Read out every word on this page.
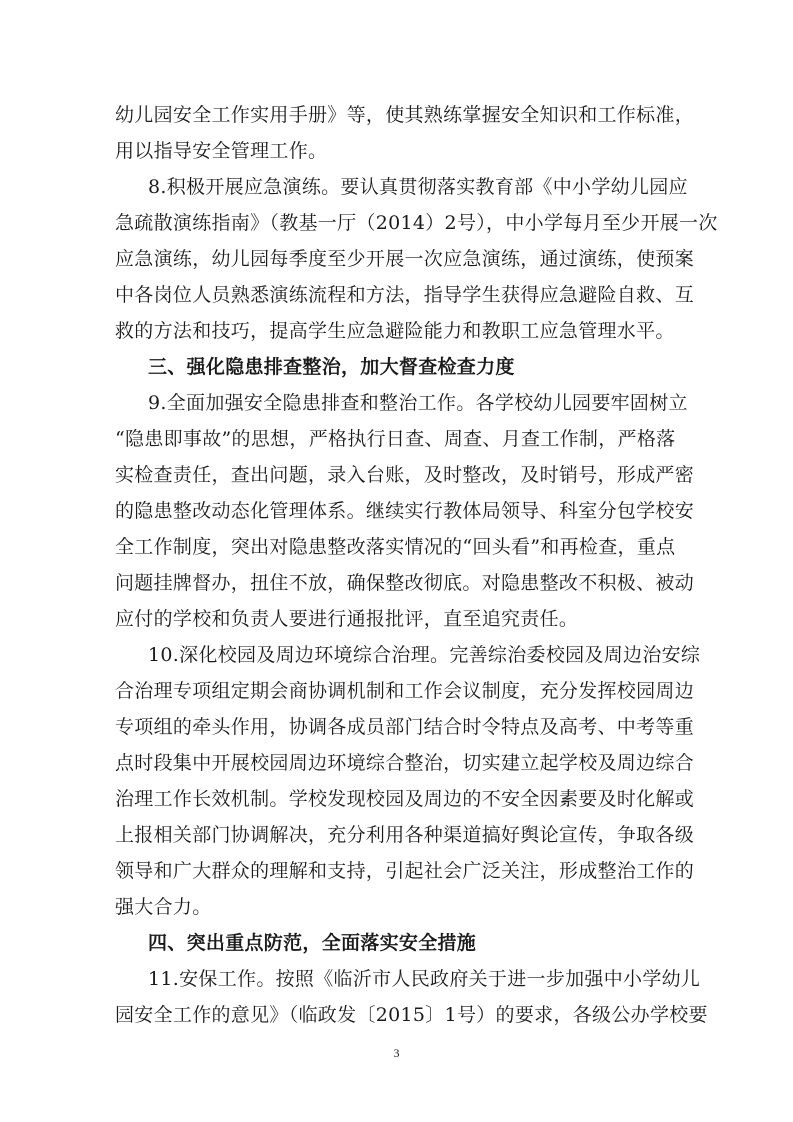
幼儿园安全工作实用手册》等，使其熟练掌握安全知识和工作标准，
用以指导安全管理工作。
8.积极开展应急演练。要认真贯彻落实教育部《中小学幼儿园应
急疏散演练指南》（教基一厅（2014）2号），中小学每月至少开展一次
应急演练，幼儿园每季度至少开展一次应急演练，通过演练，使预案
中各岗位人员熟悉演练流程和方法，指导学生获得应急避险自救、互
救的方法和技巧，提高学生应急避险能力和教职工应急管理水平。
三、强化隐患排查整治，加大督查检查力度
9.全面加强安全隐患排查和整治工作。各学校幼儿园要牢固树立
“隐患即事故”的思想，严格执行日查、周查、月查工作制，严格落
实检查责任，查出问题，录入台账，及时整改，及时销号，形成严密
的隐患整改动态化管理体系。继续实行教体局领导、科室分包学校安
全工作制度，突出对隐患整改落实情况的“回头看”和再检查，重点
问题挂牌督办，扭住不放，确保整改彻底。对隐患整改不积极、被动
应付的学校和负责人要进行通报批评，直至追究责任。
10.深化校园及周边环境综合治理。完善综治委校园及周边治安综
合治理专项组定期会商协调机制和工作会议制度，充分发挥校园周边
专项组的牵头作用，协调各成员部门结合时令特点及高考、中考等重
点时段集中开展校园周边环境综合整治，切实建立起学校及周边综合
治理工作长效机制。学校发现校园及周边的不安全因素要及时化解或
上报相关部门协调解决，充分利用各种渠道搞好舆论宣传，争取各级
领导和广大群众的理解和支持，引起社会广泛关注，形成整治工作的
强大合力。
四、突出重点防范，全面落实安全措施
11.安保工作。按照《临沂市人民政府关于进一步加强中小学幼儿
园安全工作的意见》（临政发〔2015〕1号）的要求，各级公办学校要
3
